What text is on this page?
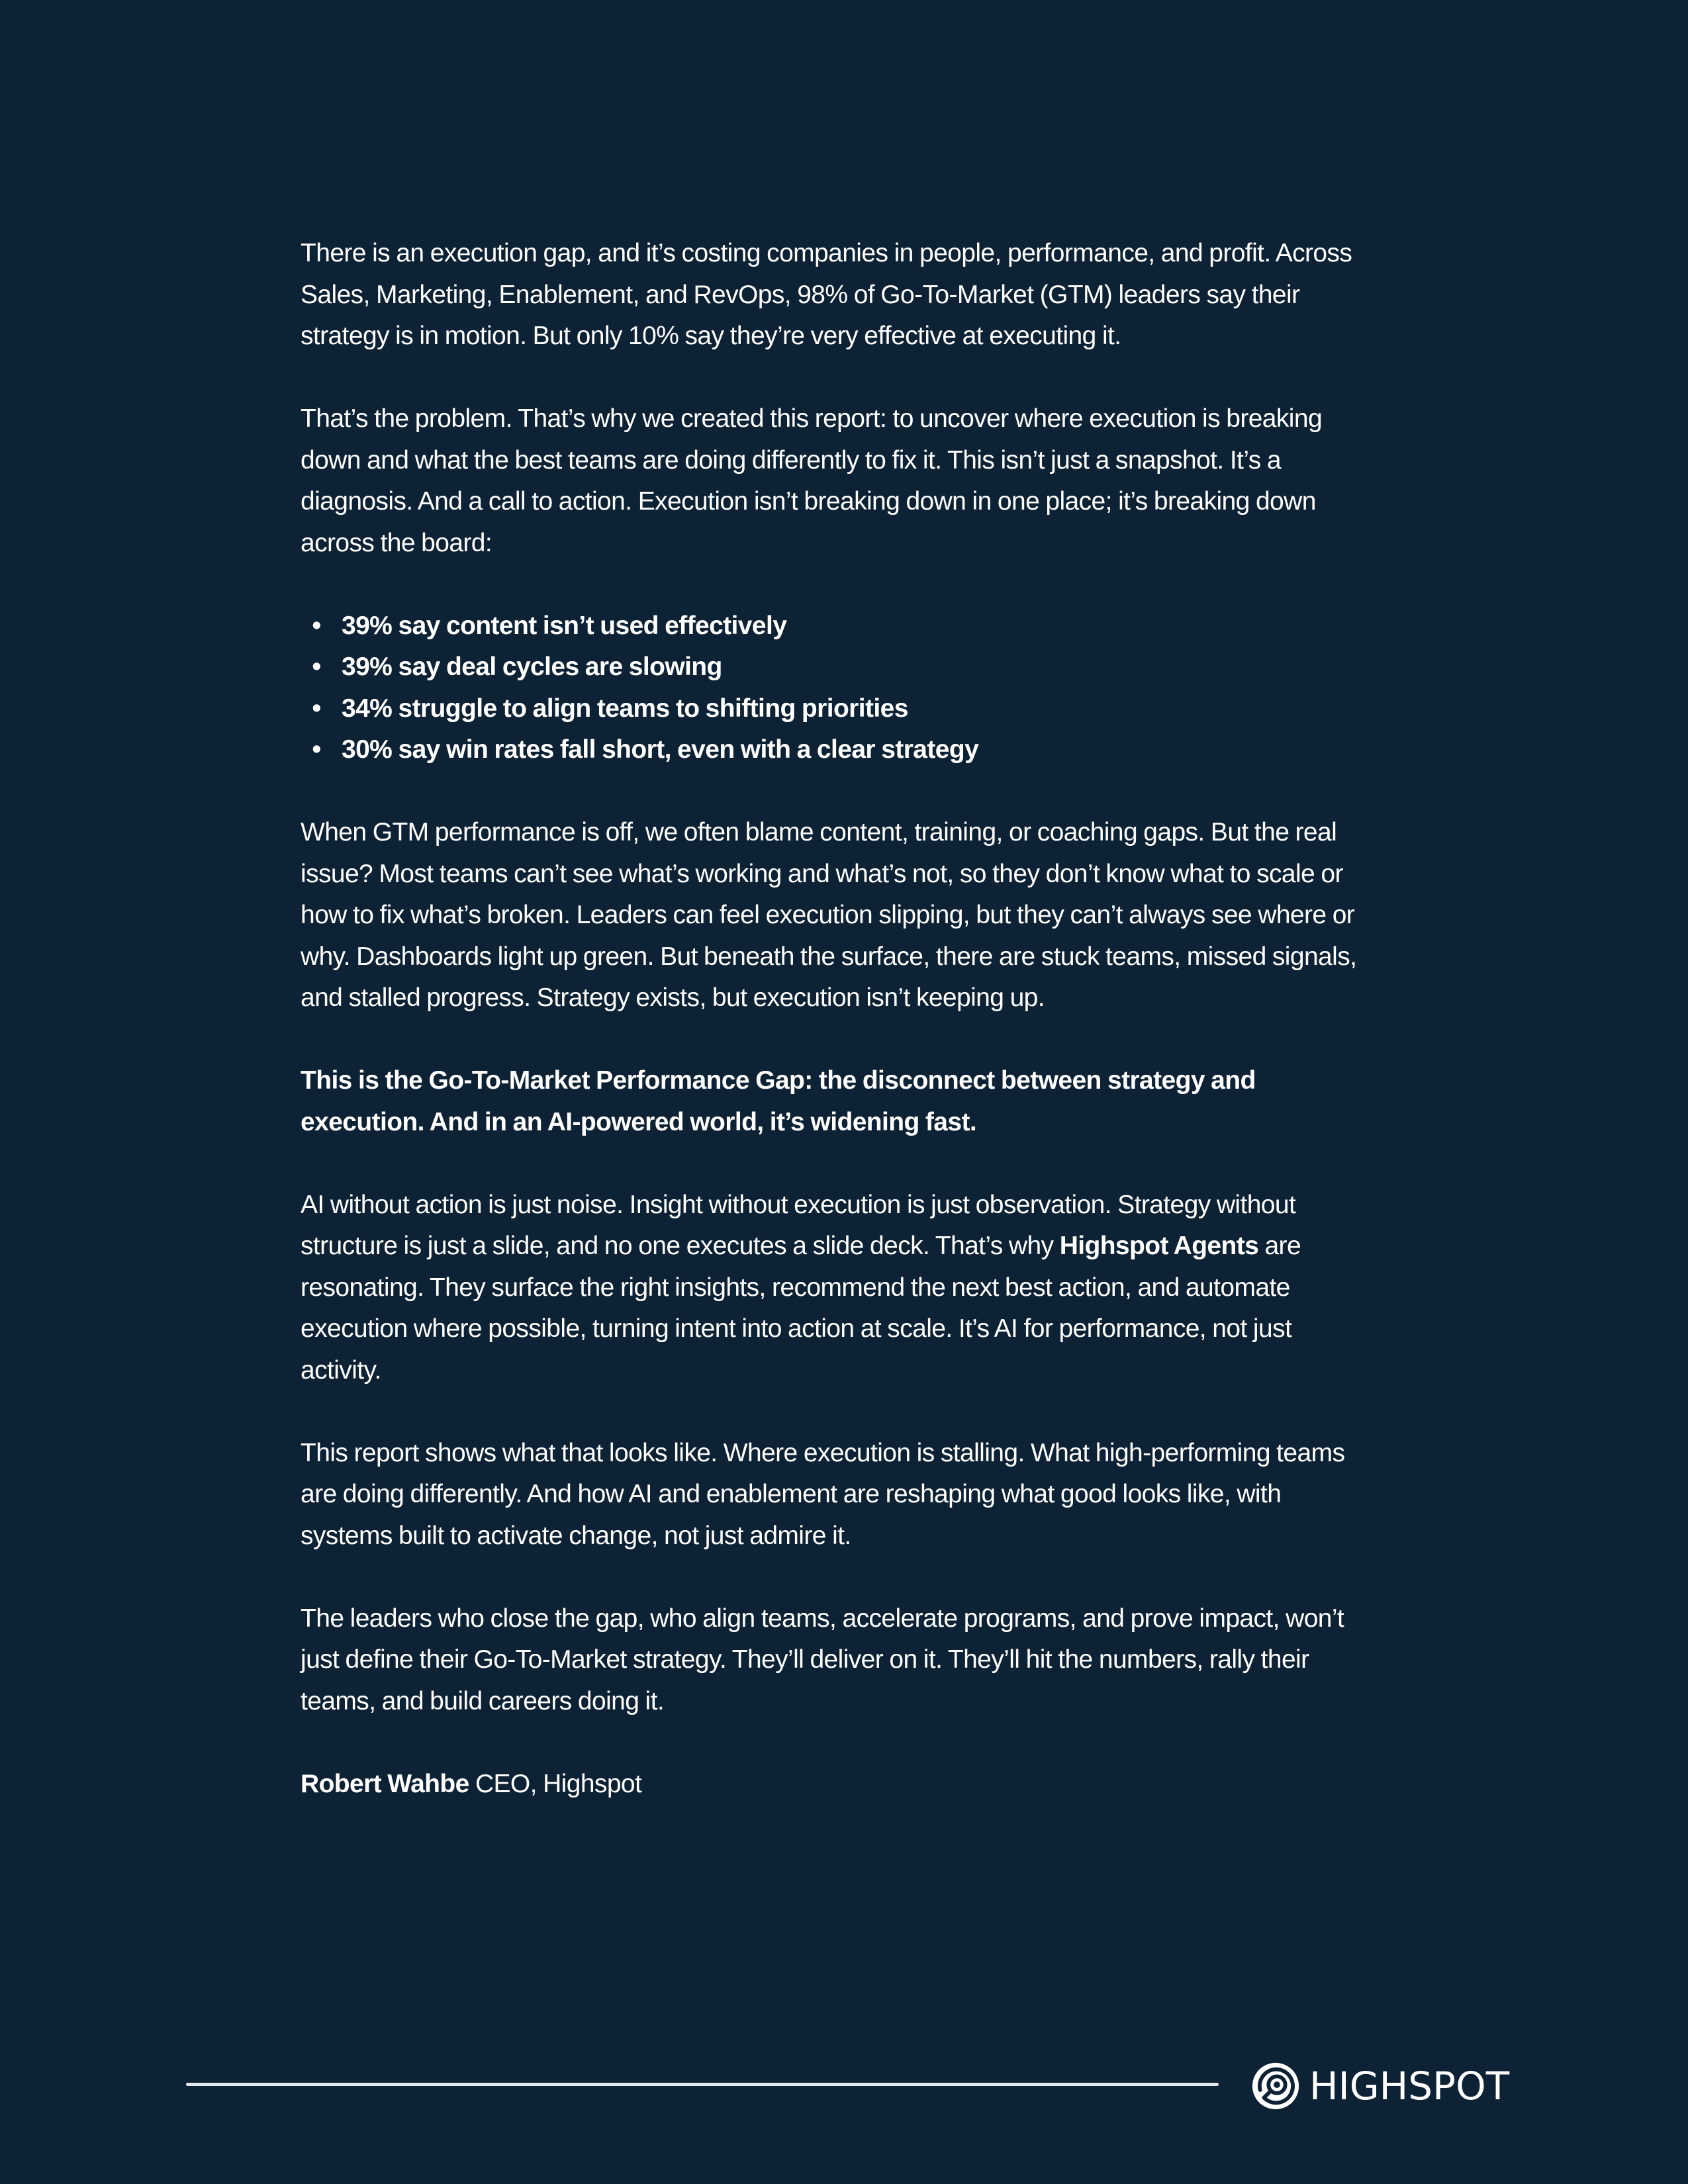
There is an execution gap, and it’s costing companies in people, performance, and profit. Across Sales, Marketing, Enablement, and RevOps, 98% of Go-To-Market (GTM) leaders say their strategy is in motion. But only 10% say they’re very effective at executing it.

That’s the problem. That’s why we created this report: to uncover where execution is breaking down and what the best teams are doing differently to fix it. This isn’t just a snapshot. It’s a diagnosis. And a call to action. Execution isn’t breaking down in one place; it’s breaking down across the board:

• 39% say content isn’t used effectively
• 39% say deal cycles are slowing
• 34% struggle to align teams to shifting priorities
• 30% say win rates fall short, even with a clear strategy

When GTM performance is off, we often blame content, training, or coaching gaps. But the real issue? Most teams can’t see what’s working and what’s not, so they don’t know what to scale or how to fix what’s broken. Leaders can feel execution slipping, but they can’t always see where or why. Dashboards light up green. But beneath the surface, there are stuck teams, missed signals, and stalled progress. Strategy exists, but execution isn’t keeping up.

This is the Go-To-Market Performance Gap: the disconnect between strategy and execution. And in an AI-powered world, it’s widening fast.

AI without action is just noise. Insight without execution is just observation. Strategy without structure is just a slide, and no one executes a slide deck. That’s why Highspot Agents are resonating. They surface the right insights, recommend the next best action, and automate execution where possible, turning intent into action at scale. It’s AI for performance, not just activity.

This report shows what that looks like. Where execution is stalling. What high-performing teams are doing differently. And how AI and enablement are reshaping what good looks like, with systems built to activate change, not just admire it.

The leaders who close the gap, who align teams, accelerate programs, and prove impact, won’t just define their Go-To-Market strategy. They’ll deliver on it. They’ll hit the numbers, rally their teams, and build careers doing it.

Robert Wahbe CEO, Highspot

HIGHSPOT
